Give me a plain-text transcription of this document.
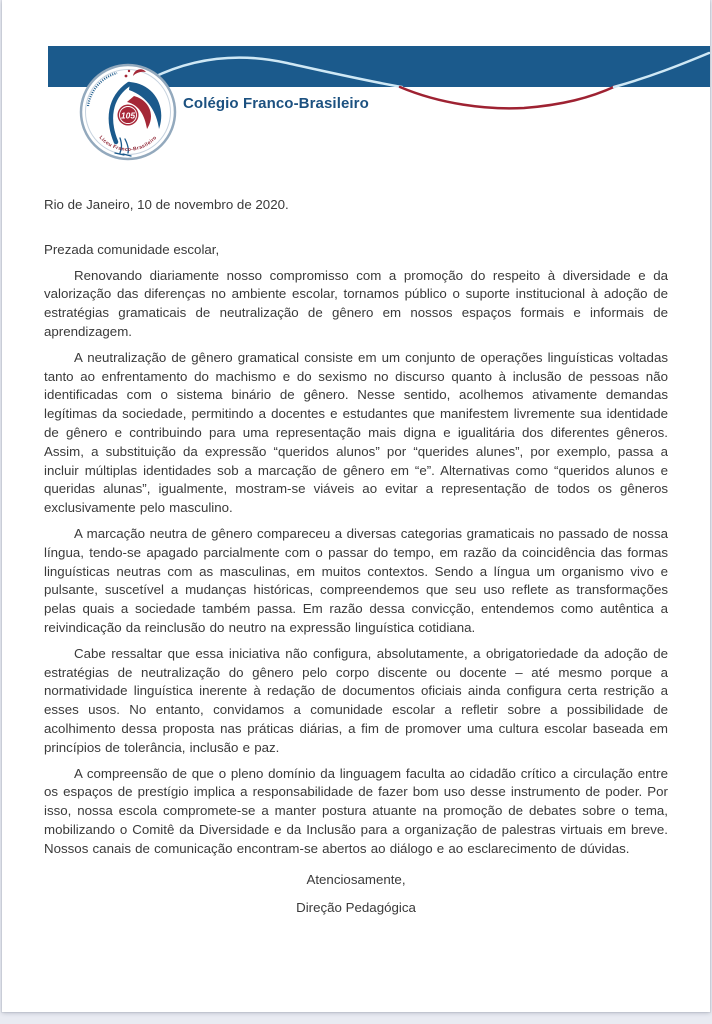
105
Liceu Franco-Brasileiro
Colégio Franco-Brasileiro

Rio de Janeiro, 10 de novembro de 2020.

Prezada comunidade escolar,

Renovando diariamente nosso compromisso com a promoção do respeito à diversidade e da valorização das diferenças no ambiente escolar, tornamos público o suporte institucional à adoção de estratégias gramaticais de neutralização de gênero em nossos espaços formais e informais de aprendizagem.

A neutralização de gênero gramatical consiste em um conjunto de operações linguísticas voltadas tanto ao enfrentamento do machismo e do sexismo no discurso quanto à inclusão de pessoas não identificadas com o sistema binário de gênero. Nesse sentido, acolhemos ativamente demandas legítimas da sociedade, permitindo a docentes e estudantes que manifestem livremente sua identidade de gênero e contribuindo para uma representação mais digna e igualitária dos diferentes gêneros. Assim, a substituição da expressão “queridos alunos” por “querides alunes”, por exemplo, passa a incluir múltiplas identidades sob a marcação de gênero em “e”. Alternativas como “queridos alunos e queridas alunas”, igualmente, mostram-se viáveis ao evitar a representação de todos os gêneros exclusivamente pelo masculino.

A marcação neutra de gênero compareceu a diversas categorias gramaticais no passado de nossa língua, tendo-se apagado parcialmente com o passar do tempo, em razão da coincidência das formas linguísticas neutras com as masculinas, em muitos contextos. Sendo a língua um organismo vivo e pulsante, suscetível a mudanças históricas, compreendemos que seu uso reflete as transformações pelas quais a sociedade também passa. Em razão dessa convicção, entendemos como autêntica a reivindicação da reinclusão do neutro na expressão linguística cotidiana.

Cabe ressaltar que essa iniciativa não configura, absolutamente, a obrigatoriedade da adoção de estratégias de neutralização do gênero pelo corpo discente ou docente – até mesmo porque a normatividade linguística inerente à redação de documentos oficiais ainda configura certa restrição a esses usos. No entanto, convidamos a comunidade escolar a refletir sobre a possibilidade de acolhimento dessa proposta nas práticas diárias, a fim de promover uma cultura escolar baseada em princípios de tolerância, inclusão e paz.

A compreensão de que o pleno domínio da linguagem faculta ao cidadão crítico a circulação entre os espaços de prestígio implica a responsabilidade de fazer bom uso desse instrumento de poder. Por isso, nossa escola compromete-se a manter postura atuante na promoção de debates sobre o tema, mobilizando o Comitê da Diversidade e da Inclusão para a organização de palestras virtuais em breve. Nossos canais de comunicação encontram-se abertos ao diálogo e ao esclarecimento de dúvidas.

Atenciosamente,

Direção Pedagógica
